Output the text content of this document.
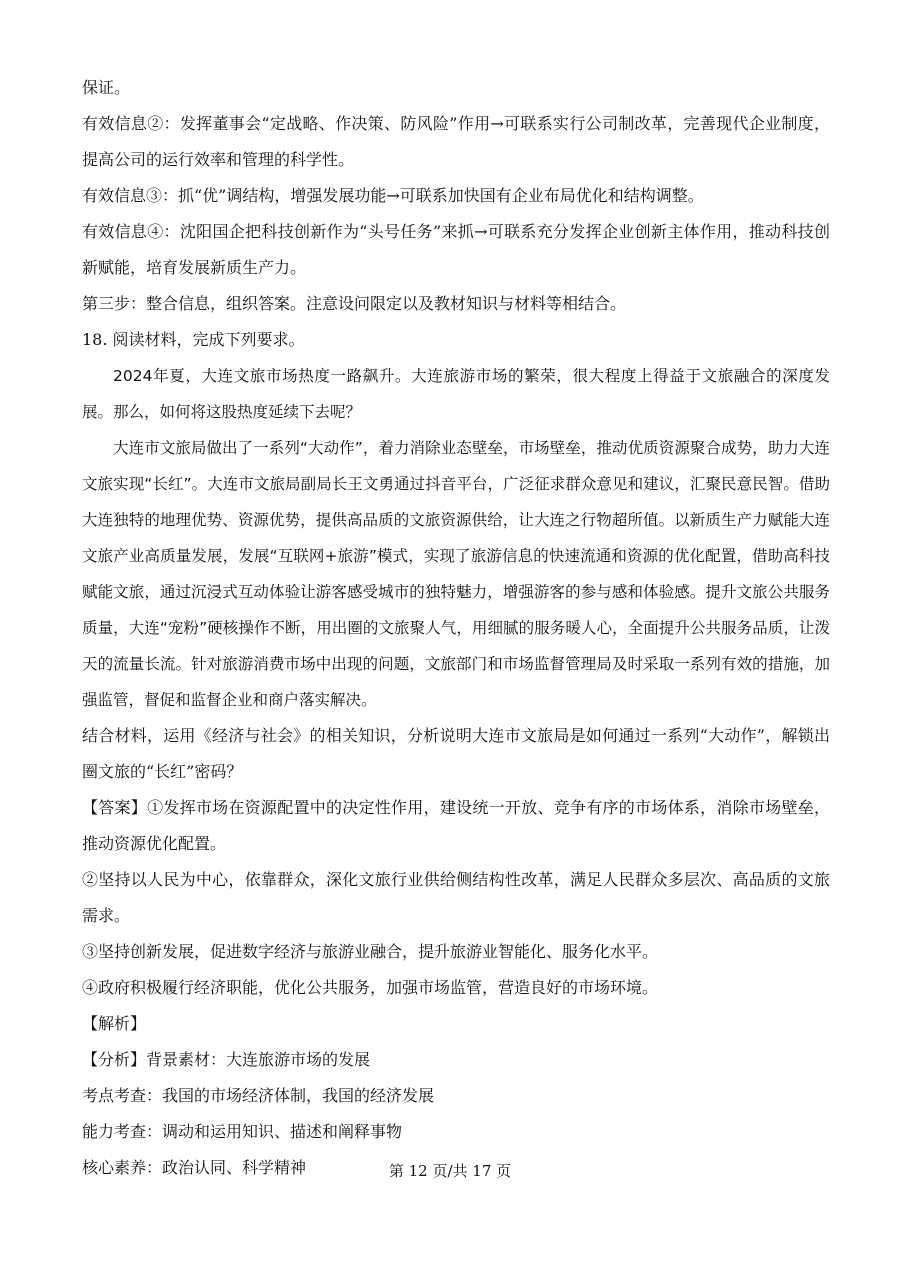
保证。

有效信息②：发挥董事会“定战略、作决策、防风险”作用→可联系实行公司制改革，完善现代企业制度，提高公司的运行效率和管理的科学性。

有效信息③：抓“优”调结构，增强发展功能→可联系加快国有企业布局优化和结构调整。

有效信息④：沈阳国企把科技创新作为“头号任务”来抓→可联系充分发挥企业创新主体作用，推动科技创新赋能，培育发展新质生产力。

第三步：整合信息，组织答案。注意设问限定以及教材知识与材料等相结合。

18. 阅读材料，完成下列要求。

2024年夏，大连文旅市场热度一路飙升。大连旅游市场的繁荣，很大程度上得益于文旅融合的深度发展。那么，如何将这股热度延续下去呢？

大连市文旅局做出了一系列“大动作”，着力消除业态壁垒，市场壁垒，推动优质资源聚合成势，助力大连文旅实现“长红”。大连市文旅局副局长王文勇通过抖音平台，广泛征求群众意见和建议，汇聚民意民智。借助大连独特的地理优势、资源优势，提供高品质的文旅资源供给，让大连之行物超所值。以新质生产力赋能大连文旅产业高质量发展，发展“互联网+旅游”模式，实现了旅游信息的快速流通和资源的优化配置，借助高科技赋能文旅，通过沉浸式互动体验让游客感受城市的独特魅力，增强游客的参与感和体验感。提升文旅公共服务质量，大连“宠粉”硬核操作不断，用出圈的文旅聚人气，用细腻的服务暖人心，全面提升公共服务品质，让泼天的流量长流。针对旅游消费市场中出现的问题，文旅部门和市场监督管理局及时采取一系列有效的措施，加强监管，督促和监督企业和商户落实解决。

结合材料，运用《经济与社会》的相关知识，分析说明大连市文旅局是如何通过一系列“大动作”，解锁出圈文旅的“长红”密码？

【答案】①发挥市场在资源配置中的决定性作用，建设统一开放、竞争有序的市场体系，消除市场壁垒，推动资源优化配置。

②坚持以人民为中心，依靠群众，深化文旅行业供给侧结构性改革，满足人民群众多层次、高品质的文旅需求。

③坚持创新发展，促进数字经济与旅游业融合，提升旅游业智能化、服务化水平。

④政府积极履行经济职能，优化公共服务，加强市场监管，营造良好的市场环境。

【解析】

【分析】背景素材：大连旅游市场的发展

考点考查：我国的市场经济体制，我国的经济发展

能力考查：调动和运用知识、描述和阐释事物

核心素养：政治认同、科学精神	第 12 页/共 17 页
